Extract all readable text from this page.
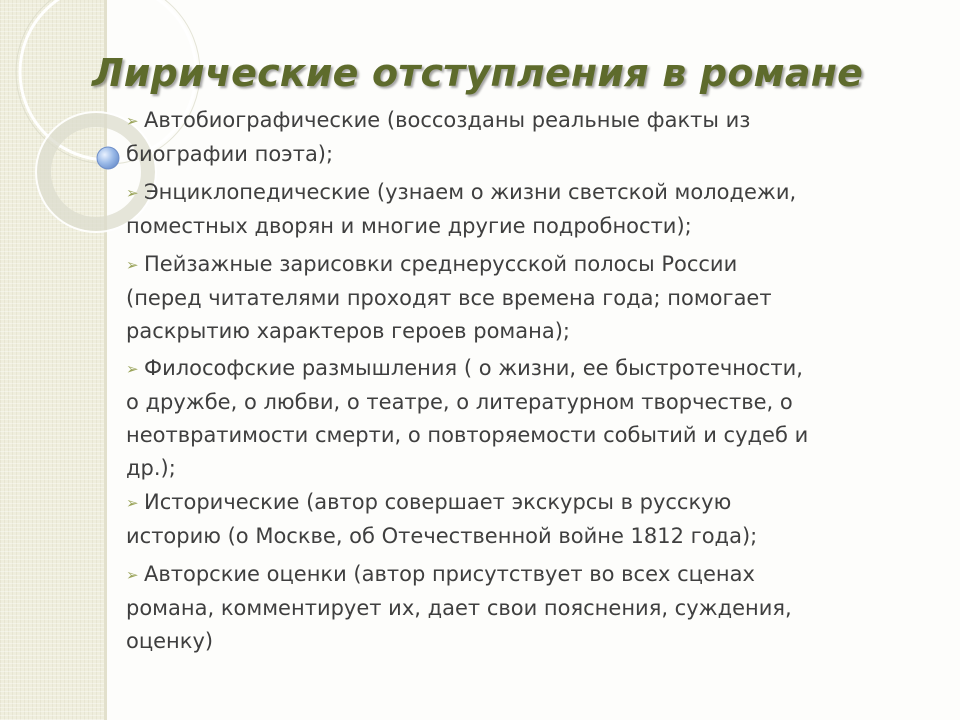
Лирические отступления в романе
➢ Автобиографические (воссозданы реальные факты из
биографии поэта);
➢ Энциклопедические (узнаем о жизни светской молодежи,
поместных дворян и многие другие подробности);
➢ Пейзажные зарисовки среднерусской полосы России
(перед читателями проходят все времена года; помогает
раскрытию характеров героев романа);
➢ Философские размышления ( о жизни, ее быстротечности,
о дружбе, о любви, о театре, о литературном творчестве, о
неотвратимости смерти, о повторяемости событий и судеб и
др.);
➢ Исторические (автор совершает экскурсы в русскую
историю (о Москве, об Отечественной войне 1812 года);
➢ Авторские оценки (автор присутствует во всех сценах
романа, комментирует их, дает свои пояснения, суждения,
оценку)
